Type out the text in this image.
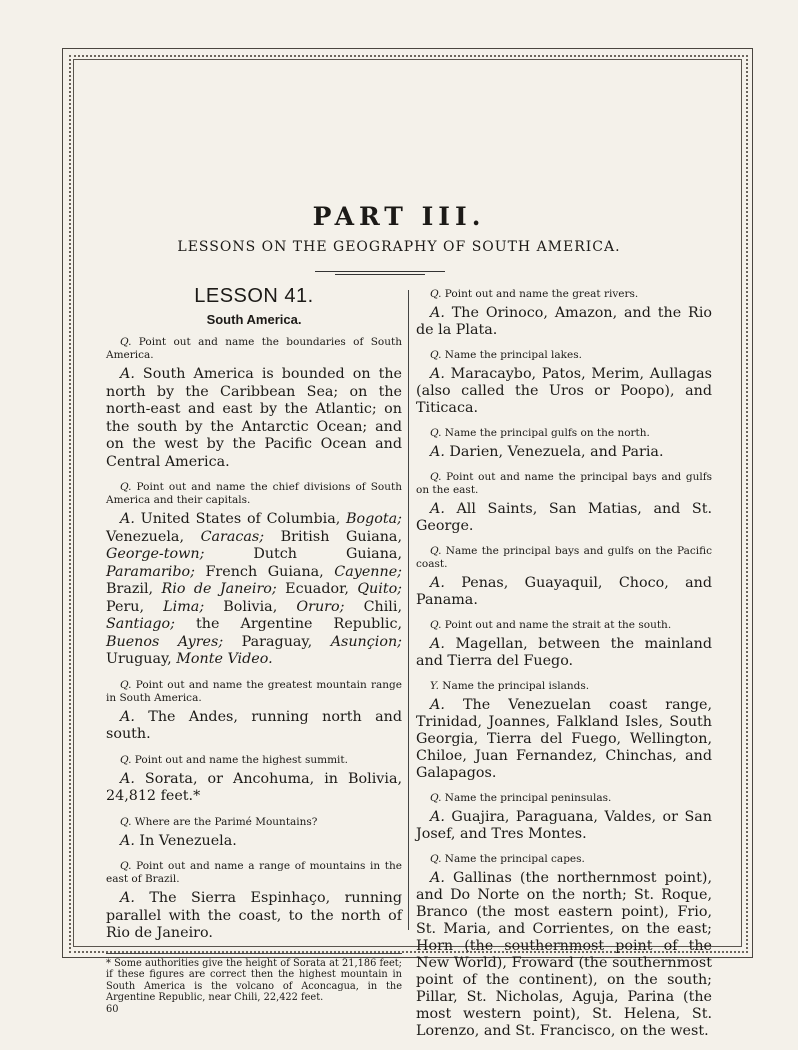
PART III.
LESSONS ON THE GEOGRAPHY OF SOUTH AMERICA.
LESSON 41.
South America.

Q. Point out and name the boundaries of South America.

A. South America is bounded on the north by the Caribbean Sea; on the north-east and east by the Atlantic; on the south by the Antarctic Ocean; and on the west by the Pacific Ocean and Central America.

Q. Point out and name the chief divisions of South America and their capitals.

A. United States of Columbia, Bogota; Venezuela, Caracas; British Guiana, George-town; Dutch Guiana, Paramaribo; French Guiana, Cayenne; Brazil, Rio de Janeiro; Ecuador, Quito; Peru, Lima; Bolivia, Oruro; Chili, Santiago; the Argentine Republic, Buenos Ayres; Paraguay, Asunçion; Uruguay, Monte Video.

Q. Point out and name the greatest mountain range in South America.

A. The Andes, running north and south.

Q. Point out and name the highest summit.

A. Sorata, or Ancohuma, in Bolivia, 24,812 feet.*

Q. Where are the Parimé Mountains?

A. In Venezuela.

Q. Point out and name a range of mountains in the east of Brazil.

A. The Sierra Espinhaço, running parallel with the coast, to the north of Rio de Janeiro.

* Some authorities give the height of Sorata at 21,186 feet; if these figures are correct then the highest mountain in South America is the volcano of Aconcagua, in the Argentine Republic, near Chili, 22,422 feet.
60

Q. Point out and name the great rivers.

A. The Orinoco, Amazon, and the Rio de la Plata.

Q. Name the principal lakes.

A. Maracaybo, Patos, Merim, Aullagas (also called the Uros or Poopo), and Titicaca.

Q. Name the principal gulfs on the north.

A. Darien, Venezuela, and Paria.

Q. Point out and name the principal bays and gulfs on the east.

A. All Saints, San Matias, and St. George.

Q. Name the principal bays and gulfs on the Pacific coast.

A. Penas, Guayaquil, Choco, and Panama.

Q. Point out and name the strait at the south.

A. Magellan, between the mainland and Tierra del Fuego.

Y. Name the principal islands.

A. The Venezuelan coast range, Trinidad, Joannes, Falkland Isles, South Georgia, Tierra del Fuego, Wellington, Chiloe, Juan Fernandez, Chinchas, and Galapagos.

Q. Name the principal peninsulas.

A. Guajira, Paraguana, Valdes, or San Josef, and Tres Montes.

Q. Name the principal capes.

A. Gallinas (the northernmost point), and Do Norte on the north; St. Roque, Branco (the most eastern point), Frio, St. Maria, and Corrientes, on the east; Horn (the southernmost point of the New World), Froward (the southernmost point of the continent), on the south; Pillar, St. Nicholas, Aguja, Parina (the most western point), St. Helena, St. Lorenzo, and St. Francisco, on the west.
